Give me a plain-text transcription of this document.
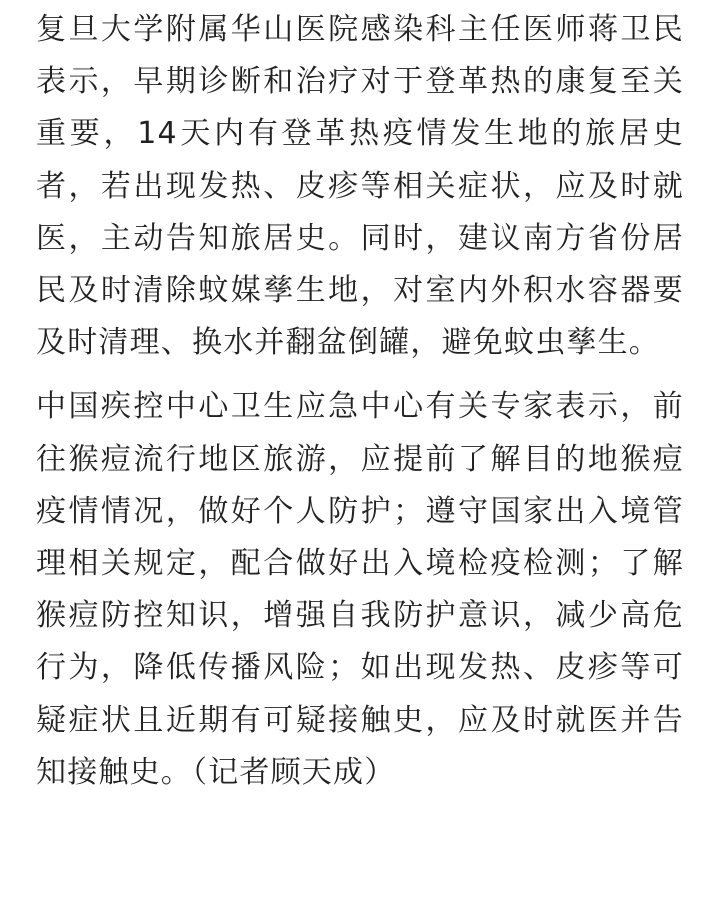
复旦大学附属华山医院感染科主任医师蒋卫民表示，早期诊断和治疗对于登革热的康复至关重要，14天内有登革热疫情发生地的旅居史者，若出现发热、皮疹等相关症状，应及时就医，主动告知旅居史。同时，建议南方省份居民及时清除蚊媒孳生地，对室内外积水容器要及时清理、换水并翻盆倒罐，避免蚊虫孳生。

中国疾控中心卫生应急中心有关专家表示，前往猴痘流行地区旅游，应提前了解目的地猴痘疫情情况，做好个人防护；遵守国家出入境管理相关规定，配合做好出入境检疫检测；了解猴痘防控知识，增强自我防护意识，减少高危行为，降低传播风险；如出现发热、皮疹等可疑症状且近期有可疑接触史，应及时就医并告知接触史。（记者顾天成）
